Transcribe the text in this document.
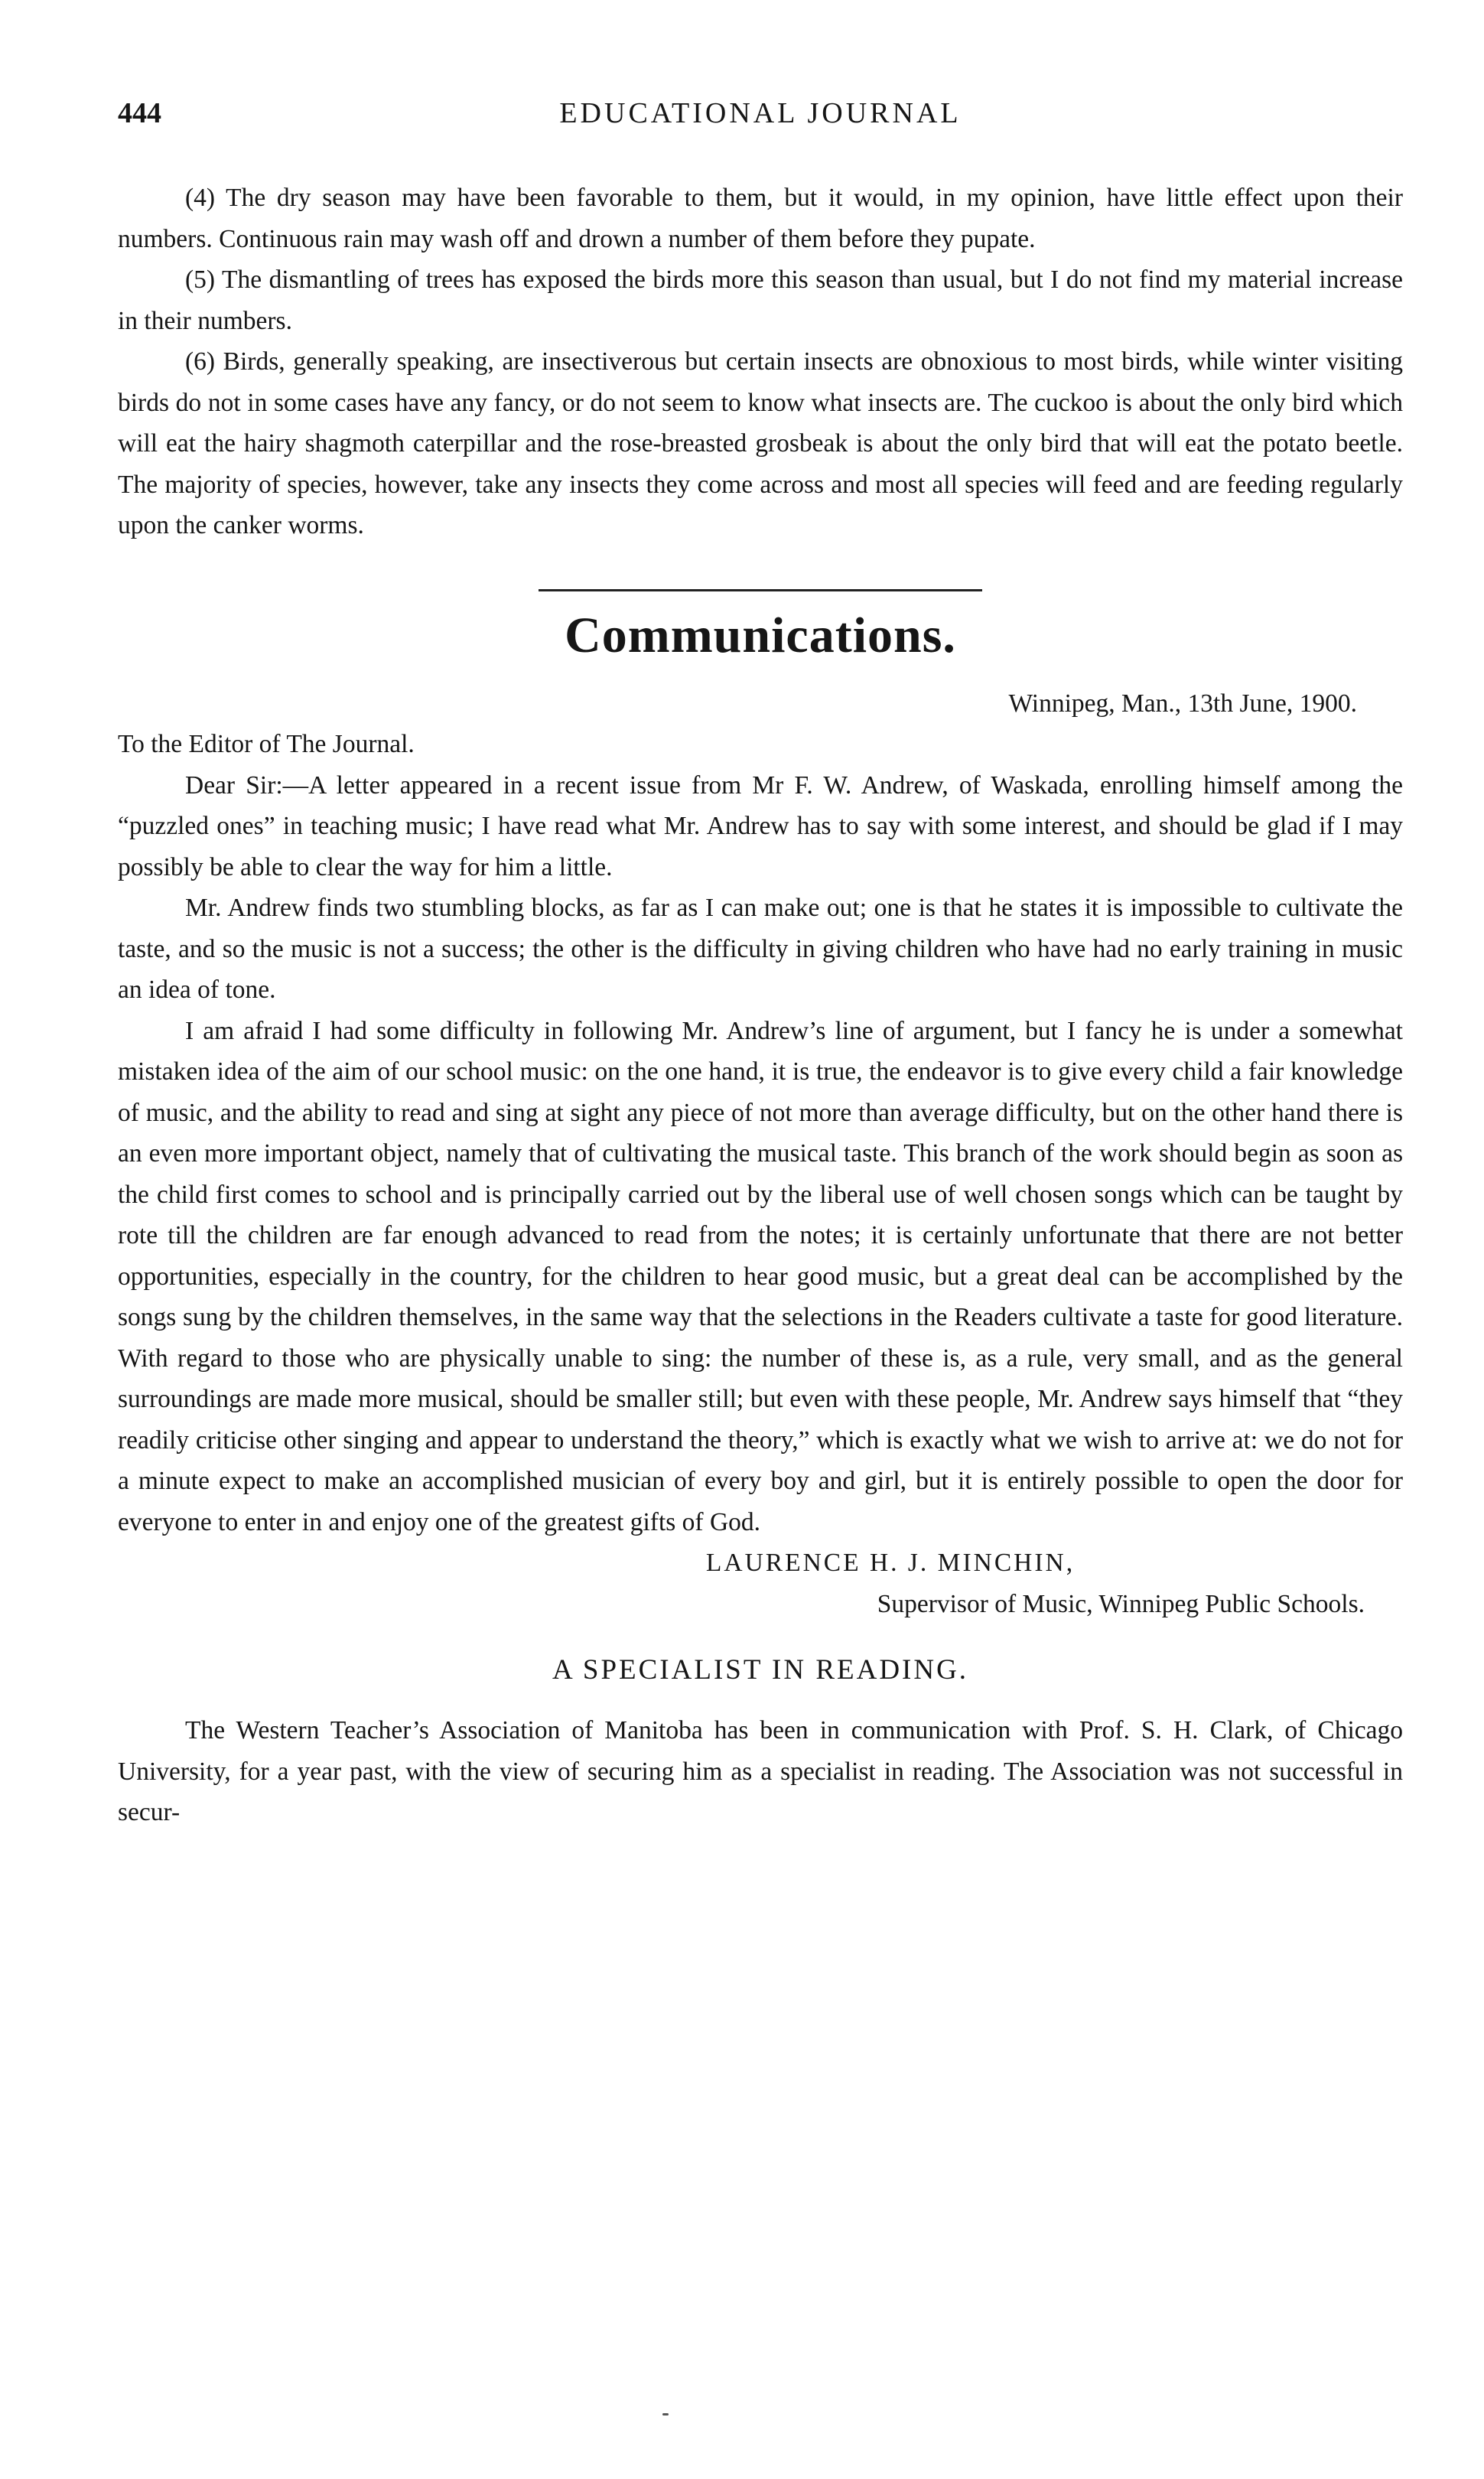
444	EDUCATIONAL JOURNAL

(4) The dry season may have been favorable to them, but it would, in my opinion, have little effect upon their numbers. Continuous rain may wash off and drown a number of them before they pupate.

(5) The dismantling of trees has exposed the birds more this season than usual, but I do not find my material increase in their numbers.

(6) Birds, generally speaking, are insectiverous but certain insects are obnoxious to most birds, while winter visiting birds do not in some cases have any fancy, or do not seem to know what insects are. The cuckoo is about the only bird which will eat the hairy shagmoth caterpillar and the rose-breasted grosbeak is about the only bird that will eat the potato beetle. The majority of species, however, take any insects they come across and most all species will feed and are feeding regularly upon the canker worms.

Communications.
Winnipeg, Man., 13th June, 1900.

To the Editor of The Journal.

Dear Sir:—A letter appeared in a recent issue from Mr F. W. Andrew, of Waskada, enrolling himself among the “puzzled ones” in teaching music; I have read what Mr. Andrew has to say with some interest, and should be glad if I may possibly be able to clear the way for him a little.

Mr. Andrew finds two stumbling blocks, as far as I can make out; one is that he states it is impossible to cultivate the taste, and so the music is not a success; the other is the difficulty in giving children who have had no early training in music an idea of tone.

I am afraid I had some difficulty in following Mr. Andrew’s line of argument, but I fancy he is under a somewhat mistaken idea of the aim of our school music: on the one hand, it is true, the endeavor is to give every child a fair knowledge of music, and the ability to read and sing at sight any piece of not more than average difficulty, but on the other hand there is an even more important object, namely that of cultivating the musical taste. This branch of the work should begin as soon as the child first comes to school and is principally carried out by the liberal use of well chosen songs which can be taught by rote till the children are far enough advanced to read from the notes; it is certainly unfortunate that there are not better opportunities, especially in the country, for the children to hear good music, but a great deal can be accomplished by the songs sung by the children themselves, in the same way that the selections in the Readers cultivate a taste for good literature. With regard to those who are physically unable to sing: the number of these is, as a rule, very small, and as the general surroundings are made more musical, should be smaller still; but even with these people, Mr. Andrew says himself that “they readily criticise other singing and appear to understand the theory,” which is exactly what we wish to arrive at: we do not for a minute expect to make an accomplished musician of every boy and girl, but it is entirely possible to open the door for everyone to enter in and enjoy one of the greatest gifts of God.

LAURENCE H. J. MINCHIN,
Supervisor of Music, Winnipeg Public Schools.
A SPECIALIST IN READING.

The Western Teacher’s Association of Manitoba has been in communication with Prof. S. H. Clark, of Chicago University, for a year past, with the view of securing him as a specialist in reading. The Association was not successful in secur-
